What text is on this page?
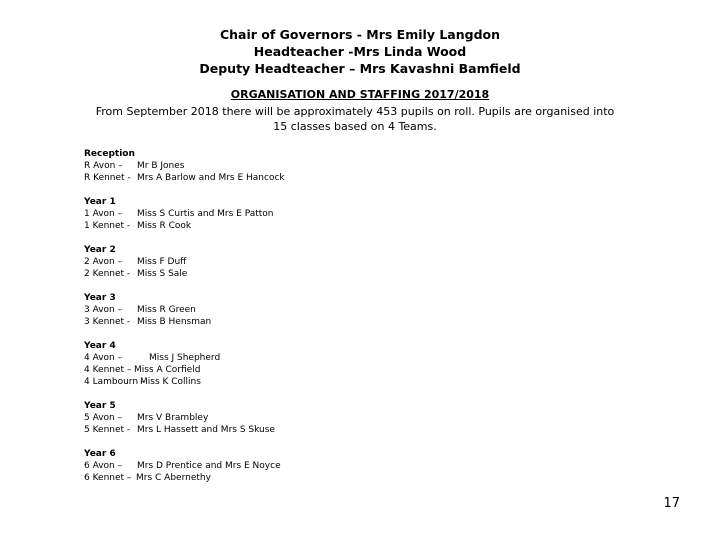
Chair of Governors - Mrs Emily Langdon
Headteacher -Mrs Linda Wood
Deputy Headteacher – Mrs Kavashni Bamfield
ORGANISATION AND STAFFING 2017/2018
From September 2018 there will be approximately 453 pupils on roll. Pupils are organised into 15 classes based on 4 Teams.
Reception
R Avon – Mr B Jones
R Kennet - Mrs A Barlow and Mrs E Hancock
Year 1
1 Avon – Miss S Curtis and Mrs E Patton
1 Kennet - Miss R Cook
Year 2
2 Avon – Miss F Duff
2 Kennet - Miss S Sale
Year 3
3 Avon – Miss R Green
3 Kennet - Miss B Hensman
Year 4
4 Avon –	Miss J Shepherd
4 Kennet – Miss A Corfield
4 Lambourn -
Miss K Collins
Year 5
5 Avon – Mrs V Brambley
5 Kennet - Mrs L Hassett and Mrs S Skuse
Year 6
6 Avon – Mrs D Prentice and Mrs E Noyce
6 Kennet – Mrs C Abernethy
17
